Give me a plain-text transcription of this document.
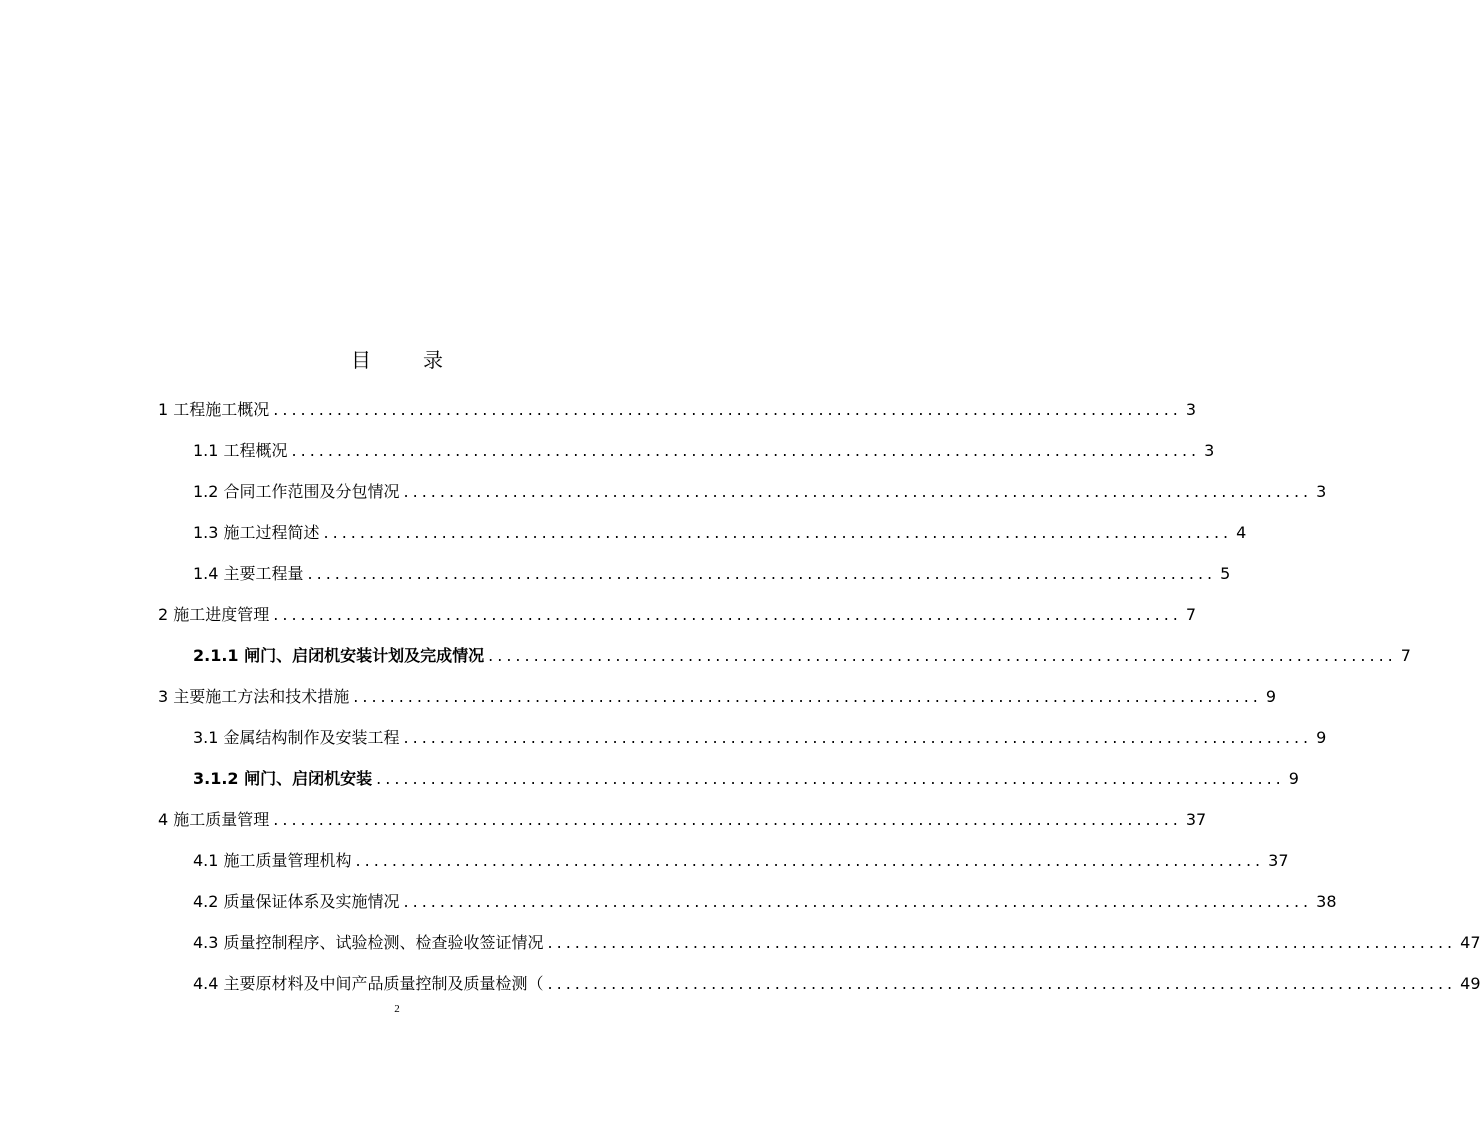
目	录
1 工程施工概况 .................................................................................................... 3
1.1 工程概况 .................................................................................................... 3
1.2 合同工作范围及分包情况 .................................................................................................... 3
1.3 施工过程简述 .................................................................................................... 4
1.4 主要工程量 .................................................................................................... 5
2 施工进度管理 .................................................................................................... 7
2.1.1 闸门、启闭机安装计划及完成情况 .................................................................................................... 7
3 主要施工方法和技术措施 .................................................................................................... 9
3.1 金属结构制作及安装工程 .................................................................................................... 9
3.1.2 闸门、启闭机安装 .................................................................................................... 9
4 施工质量管理 .................................................................................................... 37
4.1 施工质量管理机构 .................................................................................................... 37
4.2 质量保证体系及实施情况 .................................................................................................... 38
4.3 质量控制程序、试验检测、检查验收签证情况 .................................................................................................... 47
4.4 主要原材料及中间产品质量控制及质量检测（ .................................................................................................... 49
2
